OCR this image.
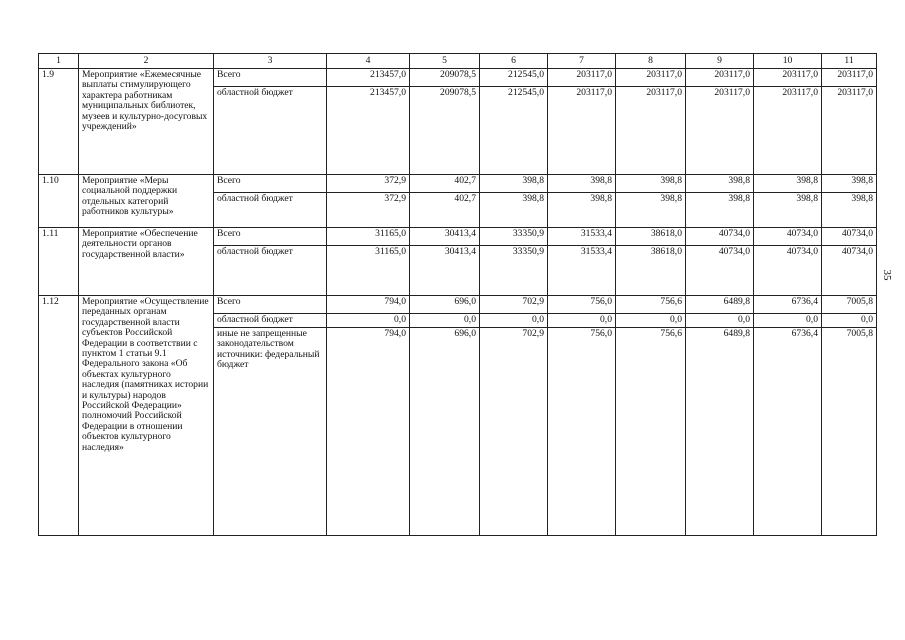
1	2	3	4	5	6	7	8	9	10	11
1.9	Мероприятие «Ежемесячные выплаты стимулирующего характера работникам муниципальных библиотек, музеев и культурно-досуговых учреждений»	Всего	213457,0	209078,5	212545,0	203117,0	203117,0	203117,0	203117,0	203117,0
		областной бюджет	213457,0	209078,5	212545,0	203117,0	203117,0	203117,0	203117,0	203117,0
1.10	Мероприятие «Меры социальной поддержки отдельных категорий работников культуры»	Всего	372,9	402,7	398,8	398,8	398,8	398,8	398,8	398,8
		областной бюджет	372,9	402,7	398,8	398,8	398,8	398,8	398,8	398,8
1.11	Мероприятие «Обеспечение деятельности органов государственной власти»	Всего	31165,0	30413,4	33350,9	31533,4	38618,0	40734,0	40734,0	40734,0
		областной бюджет	31165,0	30413,4	33350,9	31533,4	38618,0	40734,0	40734,0	40734,0
1.12	Мероприятие «Осуществление переданных органам государственной власти субъектов Российской Федерации в соответствии с пунктом 1 статьи 9.1 Федерального закона «Об объектах культурного наследия (памятниках истории и культуры) народов Российской Федерации» полномочий Российской Федерации в отношении объектов культурного наследия»	Всего	794,0	696,0	702,9	756,0	756,6	6489,8	6736,4	7005,8
		областной бюджет	0,0	0,0	0,0	0,0	0,0	0,0	0,0	0,0
		иные не запрещенные законодательством источники: федеральный бюджет	794,0	696,0	702,9	756,0	756,6	6489,8	6736,4	7005,8
35
